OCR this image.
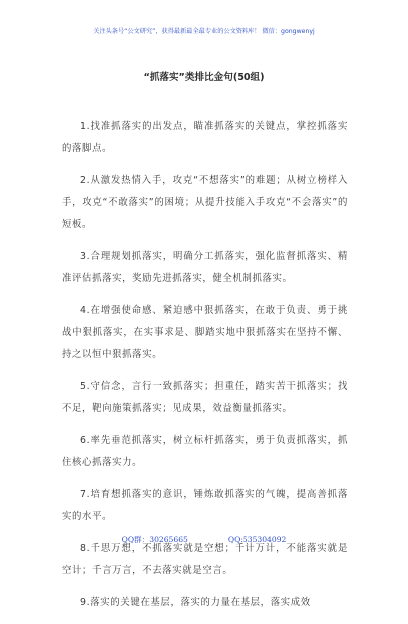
关注头条号“公文研究”，获得最新最全最专业的公文资料库！ 微信：gongwenyj
“抓落实”类排比金句(50组)

1.找准抓落实的出发点，瞄准抓落实的关键点，掌控抓落实的落脚点。

2.从激发热情入手，攻克“不想落实”的难题；从树立榜样入手，攻克“不敢落实”的困境；从提升技能入手攻克“不会落实”的短板。

3.合理规划抓落实，明确分工抓落实，强化监督抓落实、精准评估抓落实，奖励先进抓落实，健全机制抓落实。

4.在增强使命感、紧迫感中狠抓落实，在敢于负责、勇于挑战中狠抓落实，在实事求是、脚踏实地中狠抓落实在坚持不懈、持之以恒中狠抓落实。

5.守信念，言行一致抓落实；担重任，踏实苦干抓落实；找不足，靶向施策抓落实；见成果，效益衡量抓落实。

6.率先垂范抓落实，树立标杆抓落实，勇于负责抓落实，抓住核心抓落实力。

7.培育想抓落实的意识，锤炼敢抓落实的气魄，提高善抓落实的水平。

8.千思万想，不抓落实就是空想；千计万计，不能落实就是空计；千言万言，不去落实就是空言。

9.落实的关键在基层，落实的力量在基层，落实成效

QQ群：30265665	QQ:535304092
